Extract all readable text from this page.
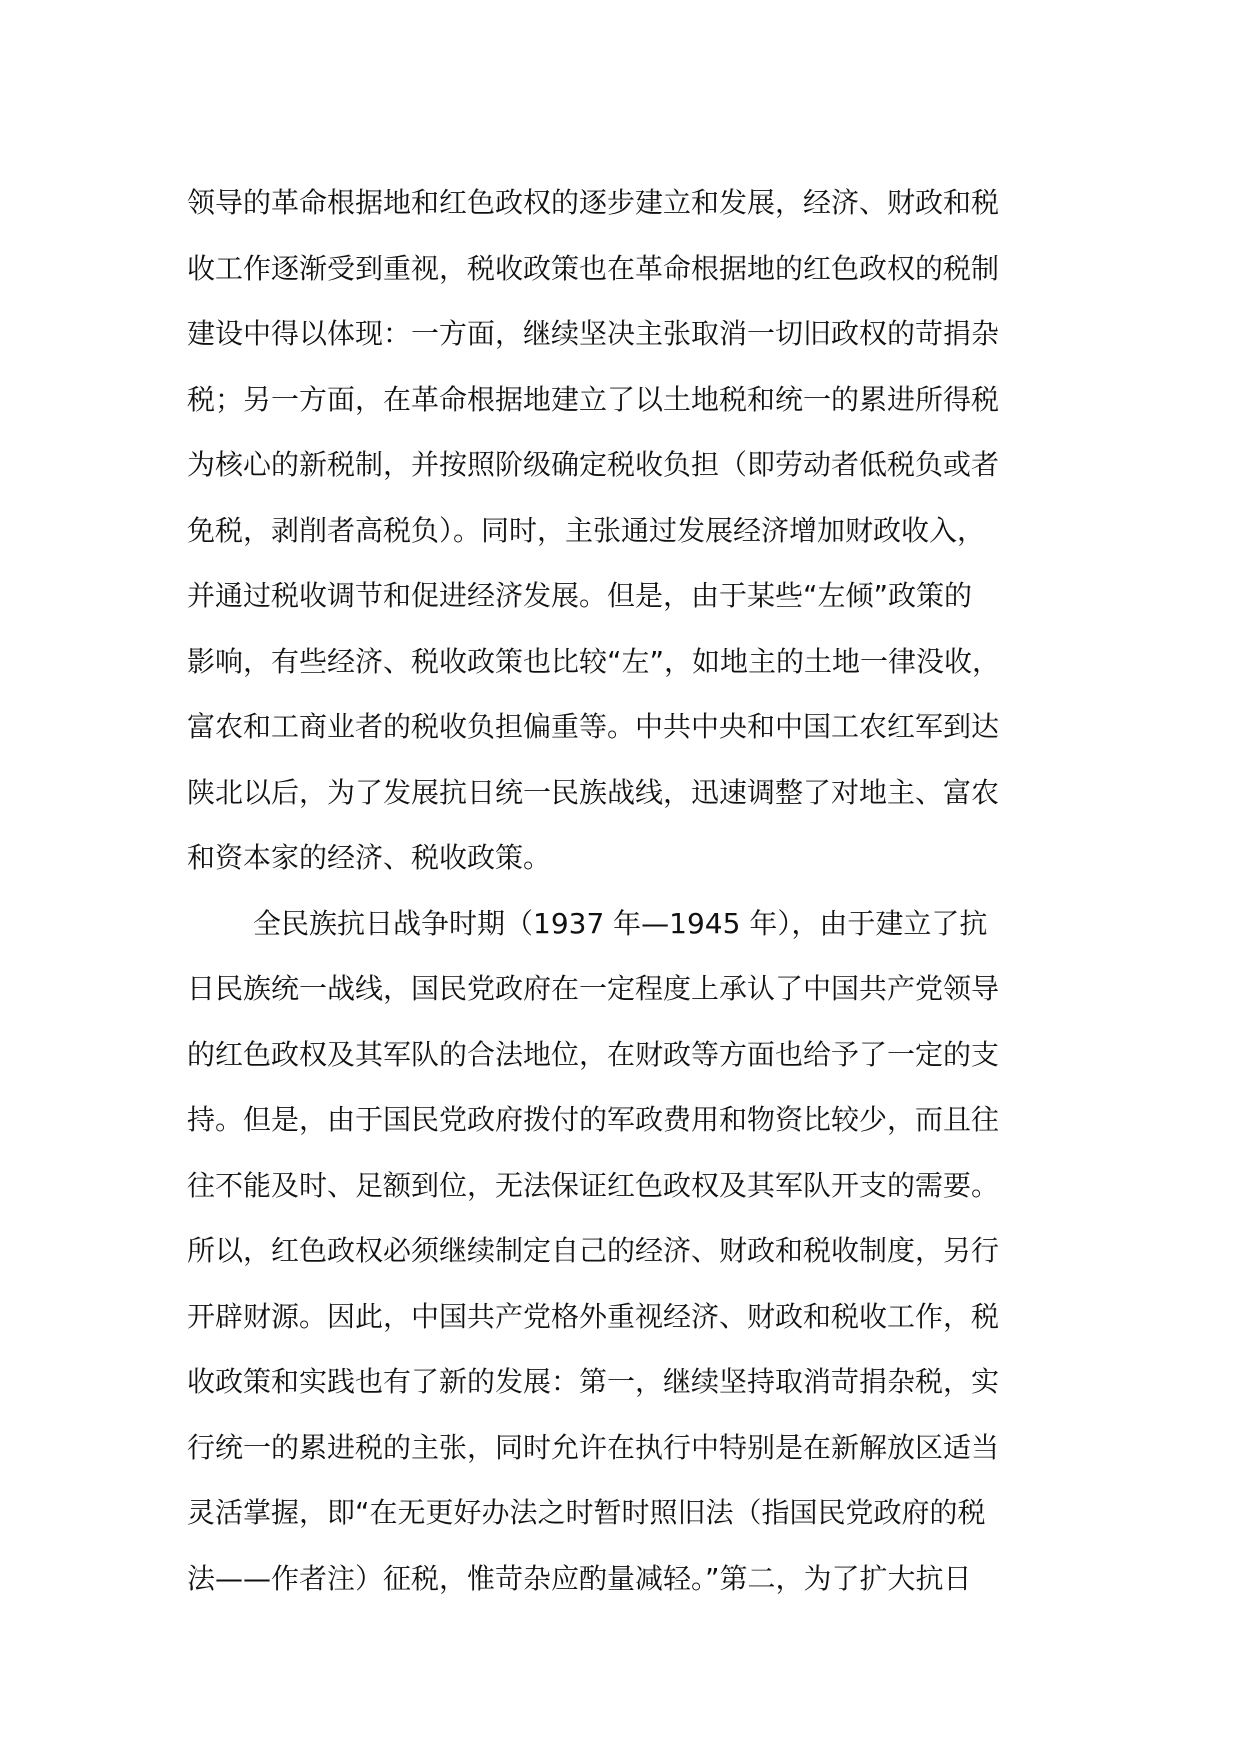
领导的革命根据地和红色政权的逐步建立和发展，经济、财政和税
收工作逐渐受到重视，税收政策也在革命根据地的红色政权的税制
建设中得以体现：一方面，继续坚决主张取消一切旧政权的苛捐杂
税；另一方面，在革命根据地建立了以土地税和统一的累进所得税
为核心的新税制，并按照阶级确定税收负担（即劳动者低税负或者
免税，剥削者高税负）。同时，主张通过发展经济增加财政收入，
并通过税收调节和促进经济发展。但是，由于某些“左倾”政策的
影响，有些经济、税收政策也比较“左”，如地主的土地一律没收，
富农和工商业者的税收负担偏重等。中共中央和中国工农红军到达
陕北以后，为了发展抗日统一民族战线，迅速调整了对地主、富农
和资本家的经济、税收政策。
全民族抗日战争时期（1937 年—1945 年），由于建立了抗
日民族统一战线，国民党政府在一定程度上承认了中国共产党领导
的红色政权及其军队的合法地位，在财政等方面也给予了一定的支
持。但是，由于国民党政府拨付的军政费用和物资比较少，而且往
往不能及时、足额到位，无法保证红色政权及其军队开支的需要。
所以，红色政权必须继续制定自己的经济、财政和税收制度，另行
开辟财源。因此，中国共产党格外重视经济、财政和税收工作，税
收政策和实践也有了新的发展：第一，继续坚持取消苛捐杂税，实
行统一的累进税的主张，同时允许在执行中特别是在新解放区适当
灵活掌握，即“在无更好办法之时暂时照旧法（指国民党政府的税
法——作者注）征税，惟苛杂应酌量减轻。”第二，为了扩大抗日
